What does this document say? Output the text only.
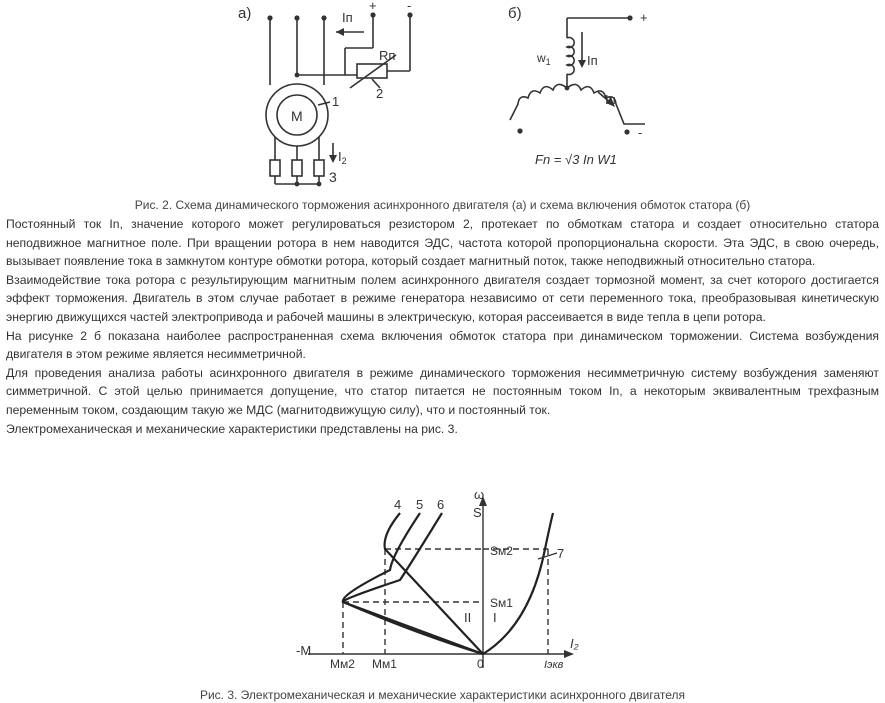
а)	Iп
+ -
Rп
2
M
1
$I_2$
3
б)	+
-
$w_1$	Iп
Iп
Fn = √3 In W1
Рис. 2. Схема динамического торможения асинхронного двигателя (а) и схема включения обмоток статора (б)

Постоянный ток In, значение которого может регулироваться резистором 2, протекает по обмоткам статора и создает относительно статора неподвижное магнитное поле. При вращении ротора в нем наводится ЭДС, частота которой пропорциональна скорости. Эта ЭДС, в свою очередь, вызывает появление тока в замкнутом контуре обмотки ротора, который создает магнитный поток, также неподвижный относительно статора.

Взаимодействие тока ротора с результирующим магнитным полем асинхронного двигателя создает тормозной момент, за счет которого достигается эффект торможения. Двигатель в этом случае работает в режиме генератора независимо от сети переменного тока, преобразовывая кинетическую энергию движущихся частей электропривода и рабочей машины в электрическую, которая рассеивается в виде тепла в цепи ротора.

На рисунке 2 б показана наиболее распространенная схема включения обмоток статора при динамическом торможении. Система возбуждения двигателя в этом режиме является несимметричной.

Для проведения анализа работы асинхронного двигателя в режиме динамического торможения несимметричную систему возбуждения заменяют симметричной. С этой целью принимается допущение, что статор питается не постоянным током In, а некоторым эквивалентным трехфазным переменным током, создающим такую же МДС (магнитодвижущую силу), что и постоянный ток.

Электромеханическая и механические характеристики представлены на рис. 3.

ω
S
4 5 6
7
Sм2
Sм1
II I
-M
Mм2 Mм1	0	Iэкв
I₂
Рис. 3. Электромеханическая и механические характеристики асинхронного двигателя
